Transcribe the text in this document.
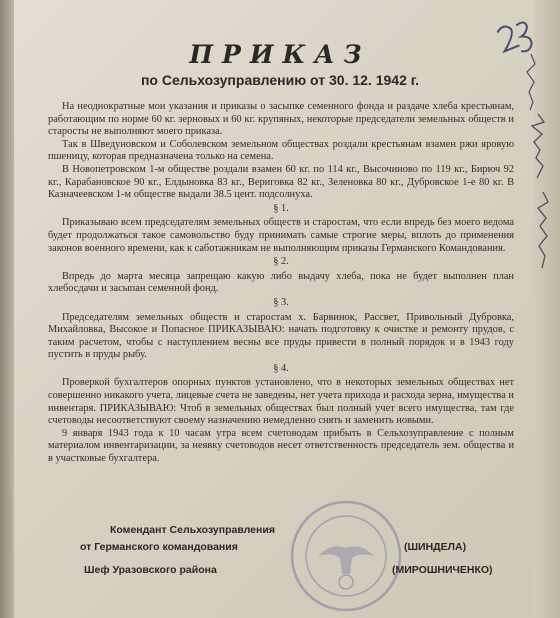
ПРИКАЗ
по Сельхозуправлению от 30. 12. 1942 г.

На неоднократные мои указания и приказы о засыпке семенного фонда и раздаче хлеба крестьянам, работающим по норме 60 кг. зерновых и 60 кг. крупяных, некоторые председатели земельных обществ и старосты не выполняют моего приказа.

Так в Шведуновском и Соболевском земельном обществах роздали крестьянам взамен ржи яровую пшеницу, которая предназначена только на семена.

В Новопетровском 1-м обществе роздали взамен 60 кг. по 114 кг., Высочиново по 119 кг., Бирюч 92 кг., Карабановское 90 кг., Елдыновка 83 кг., Вериговка 82 кг., Зеленовка 80 кг., Дубровское 1-е 80 кг. В Казначеевском 1-м обществе выдали 38.5 цент. подсолнуха.

§ 1.

Приказываю всем председателям земельных обществ и старостам, что если впредь без моего ведома будет продолжаться такое самовольство буду принимать самые строгие меры, вплоть до применения законов военного времени, как к саботажникам не выполняющим приказы Германского Командования.

§ 2.

Впредь до марта месяца запрещаю какую либо выдачу хлеба, пока не будет выполнен план хлебосдачи и засыпан семенной фонд.

§ 3.

Председателям земельных обществ и старостам х. Барвинок, Рассвет, Привольный Дубровка, Михайловка, Высокое и Попасное ПРИКАЗЫВАЮ: начать подготовку к очистке и ремонту прудов, с таким расчетом, чтобы с наступлением весны все пруды привести в полный порядок и в 1943 году пустить в пруды рыбу.

§ 4.

Проверкой бухгалтеров опорных пунктов установлено, что в некоторых земельных обществах нет совершенно никакого учета, лицевые счета не заведены, нет учета прихода и расхода зерна, имущества и инвентаря. ПРИКАЗЫВАЮ: Чтоб в земельных обществах был полный учет всего имущества, там где счетоводы несоответствуют своему назначению немедленно снять и заменить новыми.

9 января 1943 года к 10 часам утра всем счетоводам прибыть в Сельхозуправление с полным материалом инвентаризации, за неявку счетоводов несет ответственность председатель зем. общества и в участковые бухгалтера.

Комендант Сельхозуправления
от Германского командования	(ШИНДЕЛА)
Шеф Уразовского района	(МИРОШНИЧЕНКО)
